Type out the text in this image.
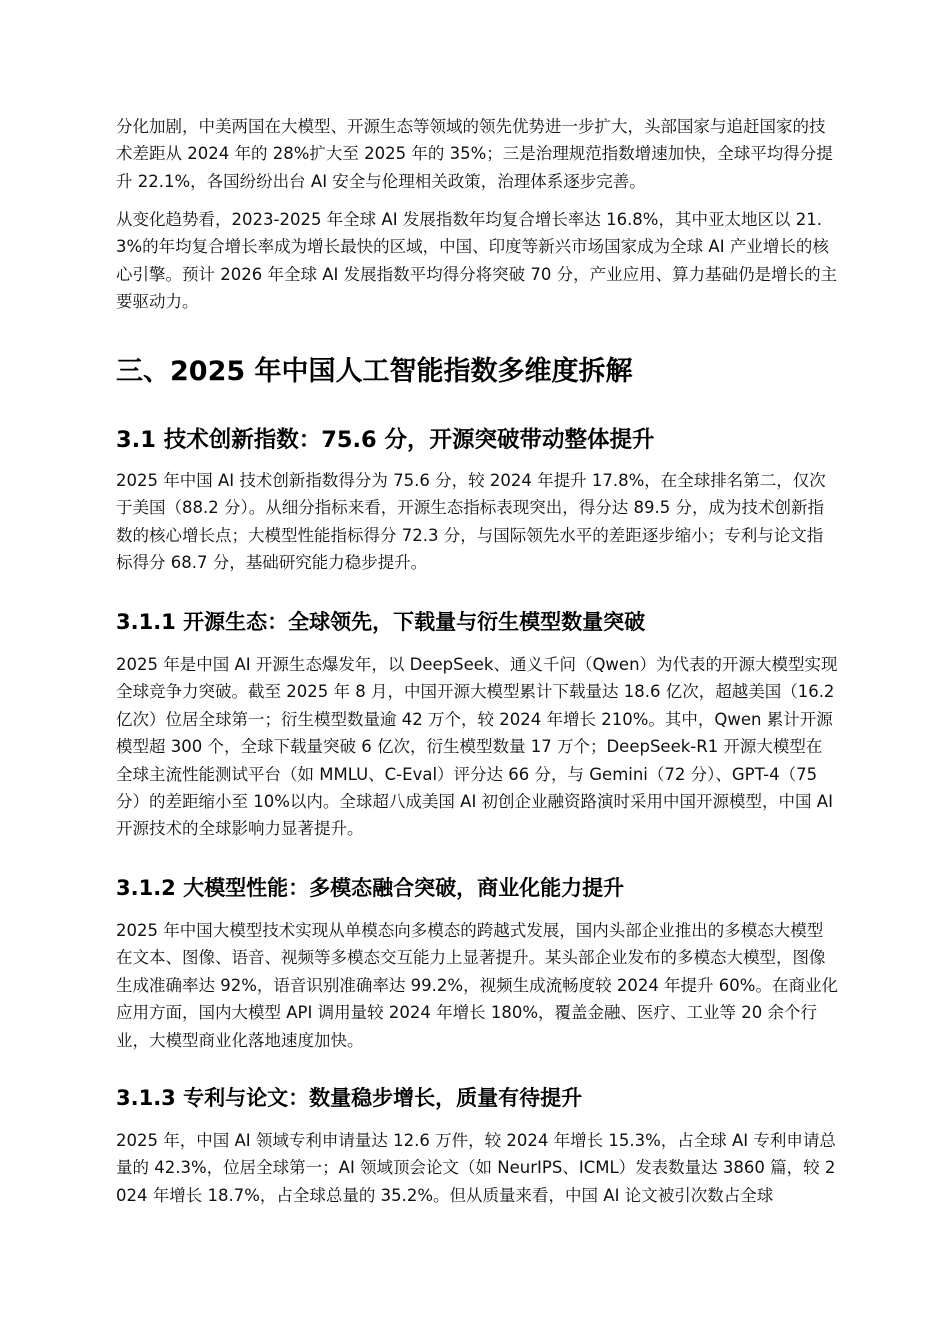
分化加剧，中美两国在大模型、开源生态等领域的领先优势进一步扩大，头部国家与追赶国家的技术差距从 2024 年的 28%扩大至 2025 年的 35%；三是治理规范指数增速加快，全球平均得分提升 22.1%，各国纷纷出台 AI 安全与伦理相关政策，治理体系逐步完善。

从变化趋势看，2023-2025 年全球 AI 发展指数年均复合增长率达 16.8%，其中亚太地区以 21.3%的年均复合增长率成为增长最快的区域，中国、印度等新兴市场国家成为全球 AI 产业增长的核心引擎。预计 2026 年全球 AI 发展指数平均得分将突破 70 分，产业应用、算力基础仍是增长的主要驱动力。

三、2025 年中国人工智能指数多维度拆解
3.1 技术创新指数：75.6 分，开源突破带动整体提升

2025 年中国 AI 技术创新指数得分为 75.6 分，较 2024 年提升 17.8%，在全球排名第二，仅次于美国（88.2 分）。从细分指标来看，开源生态指标表现突出，得分达 89.5 分，成为技术创新指数的核心增长点；大模型性能指标得分 72.3 分，与国际领先水平的差距逐步缩小；专利与论文指标得分 68.7 分，基础研究能力稳步提升。

3.1.1 开源生态：全球领先，下载量与衍生模型数量突破

2025 年是中国 AI 开源生态爆发年，以 DeepSeek、通义千问（Qwen）为代表的开源大模型实现全球竞争力突破。截至 2025 年 8 月，中国开源大模型累计下载量达 18.6 亿次，超越美国（16.2 亿次）位居全球第一；衍生模型数量逾 42 万个，较 2024 年增长 210%。其中，Qwen 累计开源模型超 300 个，全球下载量突破 6 亿次，衍生模型数量 17 万个；DeepSeek-R1 开源大模型在全球主流性能测试平台（如 MMLU、C-Eval）评分达 66 分，与 Gemini（72 分）、GPT-4（75 分）的差距缩小至 10%以内。全球超八成美国 AI 初创企业融资路演时采用中国开源模型，中国 AI 开源技术的全球影响力显著提升。

3.1.2 大模型性能：多模态融合突破，商业化能力提升

2025 年中国大模型技术实现从单模态向多模态的跨越式发展，国内头部企业推出的多模态大模型在文本、图像、语音、视频等多模态交互能力上显著提升。某头部企业发布的多模态大模型，图像生成准确率达 92%，语音识别准确率达 99.2%，视频生成流畅度较 2024 年提升 60%。在商业化应用方面，国内大模型 API 调用量较 2024 年增长 180%，覆盖金融、医疗、工业等 20 余个行业，大模型商业化落地速度加快。

3.1.3 专利与论文：数量稳步增长，质量有待提升

2025 年，中国 AI 领域专利申请量达 12.6 万件，较 2024 年增长 15.3%，占全球 AI 专利申请总量的 42.3%，位居全球第一；AI 领域顶会论文（如 NeurIPS、ICML）发表数量达 3860 篇，较 2024 年增长 18.7%，占全球总量的 35.2%。但从质量来看，中国 AI 论文被引次数占全球
